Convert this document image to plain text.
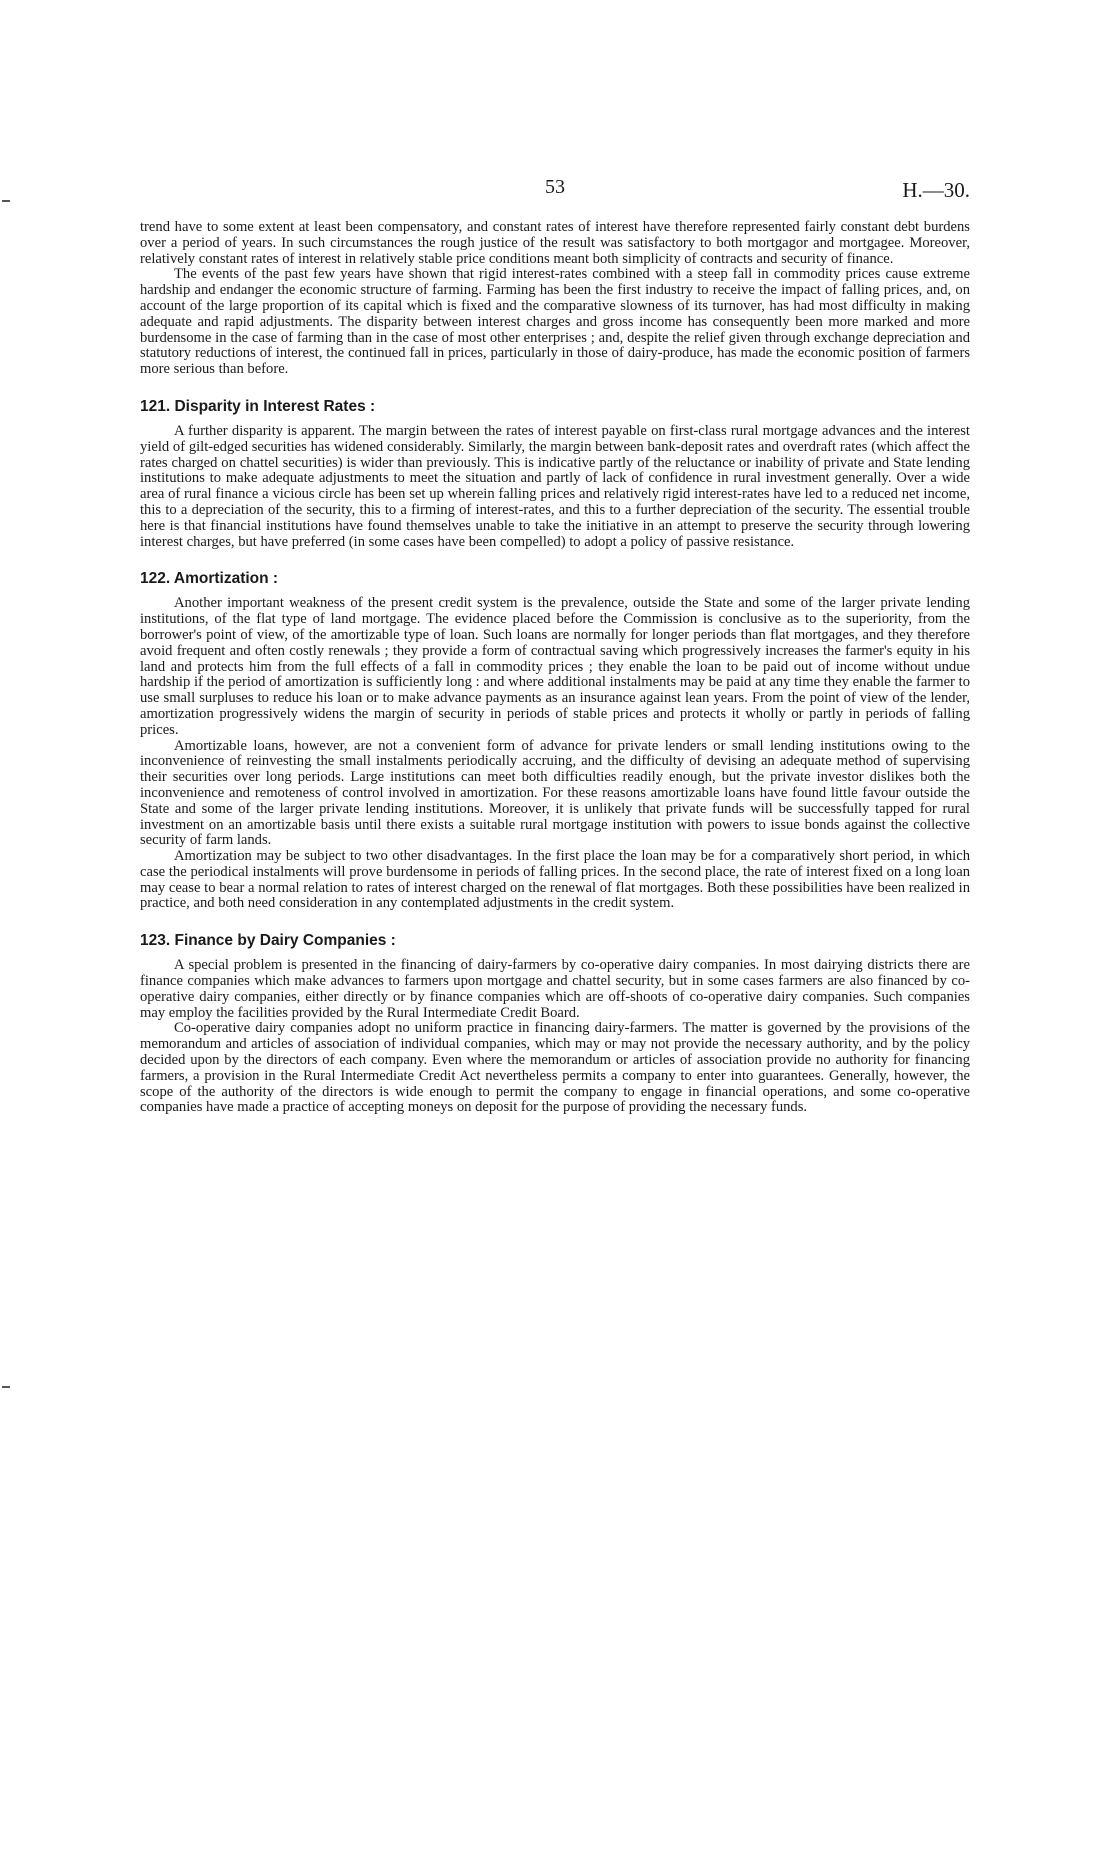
53	H.—30.

trend have to some extent at least been compensatory, and constant rates of interest have therefore represented fairly constant debt burdens over a period of years. In such circumstances the rough justice of the result was satisfactory to both mortgagor and mortgagee. Moreover, relatively constant rates of interest in relatively stable price conditions meant both simplicity of contracts and security of finance.

The events of the past few years have shown that rigid interest-rates combined with a steep fall in commodity prices cause extreme hardship and endanger the economic structure of farming. Farming has been the first industry to receive the impact of falling prices, and, on account of the large proportion of its capital which is fixed and the comparative slowness of its turnover, has had most difficulty in making adequate and rapid adjustments. The disparity between interest charges and gross income has consequently been more marked and more burdensome in the case of farming than in the case of most other enterprises ; and, despite the relief given through exchange depreciation and statutory reductions of interest, the continued fall in prices, particularly in those of dairy-produce, has made the economic position of farmers more serious than before.

121. Disparity in Interest Rates :

A further disparity is apparent. The margin between the rates of interest payable on first-class rural mortgage advances and the interest yield of gilt-edged securities has widened considerably. Similarly, the margin between bank-deposit rates and overdraft rates (which affect the rates charged on chattel securities) is wider than previously. This is indicative partly of the reluctance or inability of private and State lending institutions to make adequate adjustments to meet the situation and partly of lack of confidence in rural investment generally. Over a wide area of rural finance a vicious circle has been set up wherein falling prices and relatively rigid interest-rates have led to a reduced net income, this to a depreciation of the security, this to a firming of interest-rates, and this to a further depreciation of the security. The essential trouble here is that financial institutions have found themselves unable to take the initiative in an attempt to preserve the security through lowering interest charges, but have preferred (in some cases have been compelled) to adopt a policy of passive resistance.

122. Amortization :

Another important weakness of the present credit system is the prevalence, outside the State and some of the larger private lending institutions, of the flat type of land mortgage. The evidence placed before the Commission is conclusive as to the superiority, from the borrower's point of view, of the amortizable type of loan. Such loans are normally for longer periods than flat mortgages, and they therefore avoid frequent and often costly renewals ; they provide a form of contractual saving which progressively increases the farmer's equity in his land and protects him from the full effects of a fall in commodity prices ; they enable the loan to be paid out of income without undue hardship if the period of amortization is sufficiently long : and where additional instalments may be paid at any time they enable the farmer to use small surpluses to reduce his loan or to make advance payments as an insurance against lean years. From the point of view of the lender, amortization progressively widens the margin of security in periods of stable prices and protects it wholly or partly in periods of falling prices.

Amortizable loans, however, are not a convenient form of advance for private lenders or small lending institutions owing to the inconvenience of reinvesting the small instalments periodically accruing, and the difficulty of devising an adequate method of supervising their securities over long periods. Large institutions can meet both difficulties readily enough, but the private investor dislikes both the inconvenience and remoteness of control involved in amortization. For these reasons amortizable loans have found little favour outside the State and some of the larger private lending institutions. Moreover, it is unlikely that private funds will be successfully tapped for rural investment on an amortizable basis until there exists a suitable rural mortgage institution with powers to issue bonds against the collective security of farm lands.

Amortization may be subject to two other disadvantages. In the first place the loan may be for a comparatively short period, in which case the periodical instalments will prove burdensome in periods of falling prices. In the second place, the rate of interest fixed on a long loan may cease to bear a normal relation to rates of interest charged on the renewal of flat mortgages. Both these possibilities have been realized in practice, and both need consideration in any contemplated adjustments in the credit system.

123. Finance by Dairy Companies :

A special problem is presented in the financing of dairy-farmers by co-operative dairy companies. In most dairying districts there are finance companies which make advances to farmers upon mortgage and chattel security, but in some cases farmers are also financed by co-operative dairy companies, either directly or by finance companies which are off-shoots of co-operative dairy companies. Such companies may employ the facilities provided by the Rural Intermediate Credit Board.

Co-operative dairy companies adopt no uniform practice in financing dairy-farmers. The matter is governed by the provisions of the memorandum and articles of association of individual companies, which may or may not provide the necessary authority, and by the policy decided upon by the directors of each company. Even where the memorandum or articles of association provide no authority for financing farmers, a provision in the Rural Intermediate Credit Act nevertheless permits a company to enter into guarantees. Generally, however, the scope of the authority of the directors is wide enough to permit the company to engage in financial operations, and some co-operative companies have made a practice of accepting moneys on deposit for the purpose of providing the necessary funds.
